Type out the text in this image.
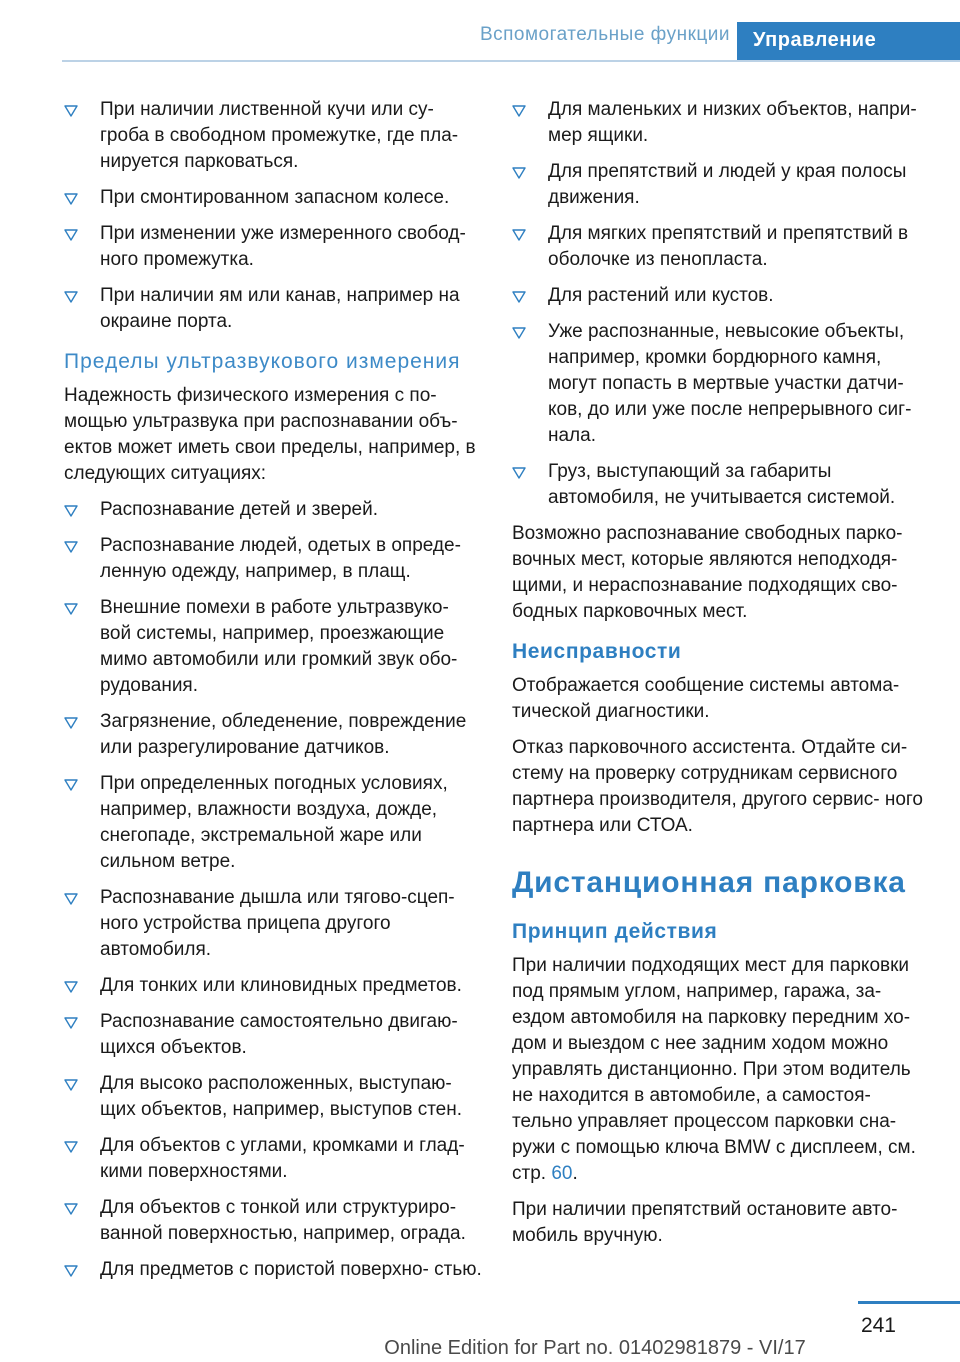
Вспомогательные функции	Управление
При наличии лиственной кучи или су- гроба в свободном промежутке, где пла- нируется парковаться.
При смонтированном запасном колесе.
При изменении уже измеренного свобод- ного промежутка.
При наличии ям или канав, например на окраине порта.
Пределы ультразвукового измерения
Надежность физического измерения с по- мощью ультразвука при распознавании объ- ектов может иметь свои пределы, например, в следующих ситуациях:
Распознавание детей и зверей.
Распознавание людей, одетых в опреде- ленную одежду, например, в плащ.
Внешние помехи в работе ультразвуко- вой системы, например, проезжающие мимо автомобили или громкий звук обо- рудования.
Загрязнение, обледенение, повреждение или разрегулирование датчиков.
При определенных погодных условиях, например, влажности воздуха, дожде, снегопаде, экстремальной жаре или сильном ветре.
Распознавание дышла или тягово-сцеп- ного устройства прицепа другого автомобиля.
Для тонких или клиновидных предметов.
Распознавание самостоятельно двигаю- щихся объектов.
Для высоко расположенных, выступаю- щих объектов, например, выступов стен.
Для объектов с углами, кромками и глад- кими поверхностями.
Для объектов с тонкой или структуриро- ванной поверхностью, например, ограда.
Для предметов с пористой поверхно- стью.
Для маленьких и низких объектов, напри- мер ящики.
Для препятствий и людей у края полосы движения.
Для мягких препятствий и препятствий в оболочке из пенопласта.
Для растений или кустов.
Уже распознанные, невысокие объекты, например, кромки бордюрного камня, могут попасть в мертвые участки датчи- ков, до или уже после непрерывного сиг- нала.
Груз, выступающий за габариты автомобиля, не учитывается системой.
Возможно распознавание свободных парко- вочных мест, которые являются неподходя- щими, и нераспознавание подходящих сво- бодных парковочных мест.
Неисправности
Отображается сообщение системы автома- тической диагностики.
Отказ парковочного ассистента. Отдайте си- стему на проверку сотрудникам сервисного партнера производителя, другого сервис- ного партнера или СТОА.
Дистанционная парковка
Принцип действия
При наличии подходящих мест для парковки под прямым углом, например, гаража, за- ездом автомобиля на парковку передним хо- дом и выездом с нее задним ходом можно управлять дистанционно. При этом водитель не находится в автомобиле, а самостоя- тельно управляет процессом парковки сна- ружи с помощью ключа BMW с дисплеем, см. стр. 60.
При наличии препятствий остановите авто- мобиль вручную.
241
Online Edition for Part no. 01402981879 - VI/17
